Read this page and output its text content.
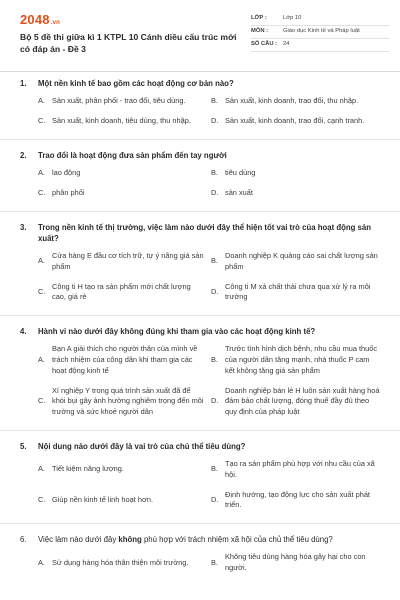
2048.vn
Bộ 5 đề thi giữa kì 1 KTPL 10 Cánh diều cấu trúc mới có đáp án - Đề 3
LỚP :	Lớp 10
MÔN :	Giáo dục Kinh tế và Pháp luật
SỐ CÂU :	24
1.	Một nền kinh tế bao gồm các hoạt động cơ bản nào?
A. Sản xuất, phân phối - trao đổi, tiêu dùng.	B. Sản xuất, kinh doanh, trao đổi, thu nhập.
C. Sản xuất, kinh doanh, tiêu dùng, thu nhập.	D. Sản xuất, kinh doanh, trao đổi, cạnh tranh.
2.	Trao đổi là hoạt động đưa sản phẩm đến tay người
A. lao động	B. tiêu dùng
C. phân phối	D. sản xuất
3.	Trong nền kinh tế thị trường, việc làm nào dưới đây thể hiện tốt vai trò của hoạt động sản xuất?
A.
Cửa hàng E đầu cơ tích trữ, tự ý nâng giá sản phẩm
B.
Doanh nghiệp K quảng cáo sai chất lượng sản phẩm
C.
Công ti H tạo ra sản phẩm mới chất lượng cao, giá rẻ
D.
Công ti M xả chất thải chưa qua xử lý ra môi trường
4.	Hành vi nào dưới đây không đúng khi tham gia vào các hoạt động kinh tế?
A.
Bạn A giải thích cho người thân của mình về trách nhiệm của công dân khi tham gia các hoạt động kinh tế
B.
Trước tình hình dịch bệnh, nhu cầu mua thuốc của người dân tăng mạnh, nhà thuốc P cam kết không tăng giá sản phẩm
C.
Xí nghiệp Y trong quá trình sản xuất đã để khói bụi gây ảnh hưởng nghiêm trọng đến môi trường và sức khoẻ người dân
D.
Doanh nghiệp bán lẻ H luôn sản xuất hàng hoá đảm bảo chất lượng, đóng thuế đầy đủ theo quy định của pháp luật
5.	Nội dung nào dưới đây là vai trò của chủ thể tiêu dùng?
A. Tiết kiệm năng lượng.	B.
Tạo ra sản phẩm phù hợp với nhu cầu của xã hội.
C. Giúp nền kinh tế linh hoạt hơn.	D.
Định hướng, tạo động lực cho sản xuất phát triển.
6.	Việc làm nào dưới đây không phù hợp với trách nhiệm xã hội của chủ thể tiêu dùng?
A. Sử dụng hàng hóa thân thiện môi trường.	B.
Không tiêu dùng hàng hóa gây hại cho con người.
